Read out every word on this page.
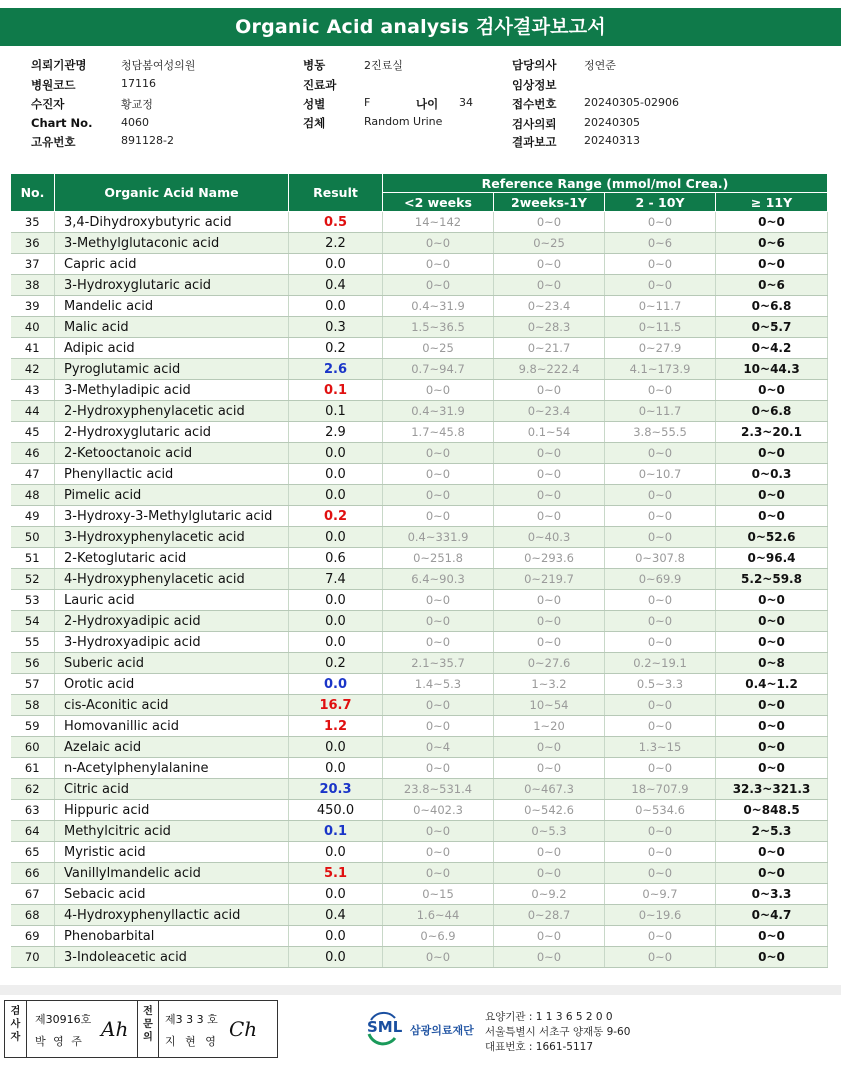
Organic Acid analysis 검사결과보고서
의뢰기관명	청담봄여성의원
병원코드	17116
수진자	황교정
Chart No.	4060
고유번호	891128-2
병동	2진료실
진료과
성별	F	나이 34
검체	Random Urine
담당의사	정연준
임상정보
접수번호	20240305-02906
검사의뢰	20240305
결과보고	20240313
No.	Organic Acid Name	Result	Reference Range (mmol/mol Crea.)			
			<2 weeks	2weeks-1Y	2 - 10Y	≥ 11Y
35	3,4-Dihydroxybutyric acid	0.5	14~142	0~0	0~0	0~0
36	3-Methylglutaconic acid	2.2	0~0	0~25	0~6	0~6
37	Capric acid	0.0	0~0	0~0	0~0	0~0
38	3-Hydroxyglutaric acid	0.4	0~0	0~0	0~0	0~6
39	Mandelic acid	0.0	0.4~31.9	0~23.4	0~11.7	0~6.8
40	Malic acid	0.3	1.5~36.5	0~28.3	0~11.5	0~5.7
41	Adipic acid	0.2	0~25	0~21.7	0~27.9	0~4.2
42	Pyroglutamic acid	2.6	0.7~94.7	9.8~222.4	4.1~173.9	10~44.3
43	3-Methyladipic acid	0.1	0~0	0~0	0~0	0~0
44	2-Hydroxyphenylacetic acid	0.1	0.4~31.9	0~23.4	0~11.7	0~6.8
45	2-Hydroxyglutaric acid	2.9	1.7~45.8	0.1~54	3.8~55.5	2.3~20.1
46	2-Ketooctanoic acid	0.0	0~0	0~0	0~0	0~0
47	Phenyllactic acid	0.0	0~0	0~0	0~10.7	0~0.3
48	Pimelic acid	0.0	0~0	0~0	0~0	0~0
49	3-Hydroxy-3-Methylglutaric acid	0.2	0~0	0~0	0~0	0~0
50	3-Hydroxyphenylacetic acid	0.0	0.4~331.9	0~40.3	0~0	0~52.6
51	2-Ketoglutaric acid	0.6	0~251.8	0~293.6	0~307.8	0~96.4
52	4-Hydroxyphenylacetic acid	7.4	6.4~90.3	0~219.7	0~69.9	5.2~59.8
53	Lauric acid	0.0	0~0	0~0	0~0	0~0
54	2-Hydroxyadipic acid	0.0	0~0	0~0	0~0	0~0
55	3-Hydroxyadipic acid	0.0	0~0	0~0	0~0	0~0
56	Suberic acid	0.2	2.1~35.7	0~27.6	0.2~19.1	0~8
57	Orotic acid	0.0	1.4~5.3	1~3.2	0.5~3.3	0.4~1.2
58	cis-Aconitic acid	16.7	0~0	10~54	0~0	0~0
59	Homovanillic acid	1.2	0~0	1~20	0~0	0~0
60	Azelaic acid	0.0	0~4	0~0	1.3~15	0~0
61	n-Acetylphenylalanine	0.0	0~0	0~0	0~0	0~0
62	Citric acid	20.3	23.8~531.4	0~467.3	18~707.9	32.3~321.3
63	Hippuric acid	450.0	0~402.3	0~542.6	0~534.6	0~848.5
64	Methylcitric acid	0.1	0~0	0~5.3	0~0	2~5.3
65	Myristic acid	0.0	0~0	0~0	0~0	0~0
66	Vanillylmandelic acid	5.1	0~0	0~0	0~0	0~0
67	Sebacic acid	0.0	0~15	0~9.2	0~9.7	0~3.3
68	4-Hydroxyphenyllactic acid	0.4	1.6~44	0~28.7	0~19.6	0~4.7
69	Phenobarbital	0.0	0~6.9	0~0	0~0	0~0
70	3-Indoleacetic acid	0.0	0~0	0~0	0~0	0~0
검사자
제30916호
박 영 주
Ah
전문의
제3 3 3 호
지 현 영
Ch	SML 삼광의료재단
요양기관 : 1 1 3 6 5 2 0 0
서울특별시 서초구 양재동 9-60
대표번호 : 1661-5117
